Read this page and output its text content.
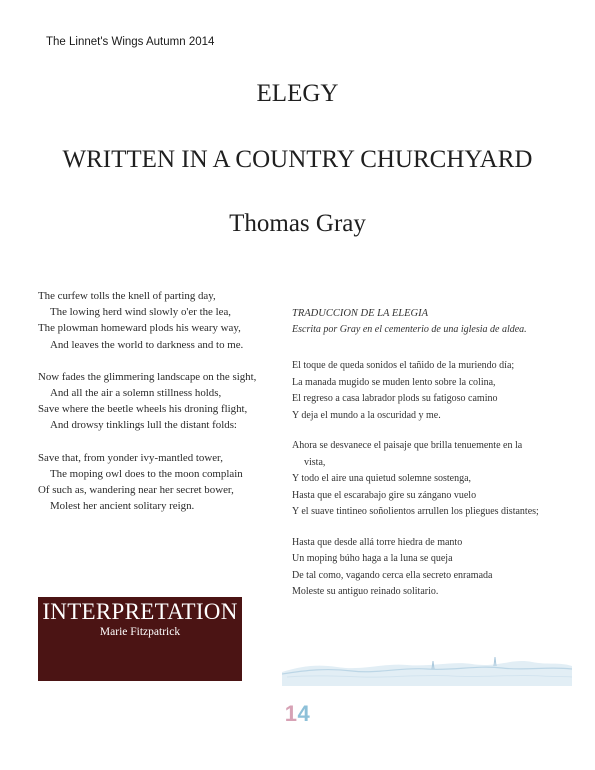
The Linnet's Wings Autumn 2014
ELEGY
WRITTEN IN A COUNTRY CHURCHYARD
Thomas Gray
The curfew tolls the knell of parting day,
The lowing herd wind slowly o'er the lea,
The plowman homeward plods his weary way,
And leaves the world to darkness and to me.
Now fades the glimmering landscape on the sight,
And all the air a solemn stillness holds,
Save where the beetle wheels his droning flight,
And drowsy tinklings lull the distant folds:
Save that, from yonder ivy-mantled tower,
The moping owl does to the moon complain
Of such as, wandering near her secret bower,
Molest her ancient solitary reign.
TRADUCCION DE LA ELEGIA
Escrita por Gray en el cementerio de una iglesia de aldea.
El toque de queda sonidos el tañido de la muriendo día;
La manada mugido se muden lento sobre la colina,
El regreso a casa labrador plods su fatigoso camino
Y deja el mundo a la oscuridad y me.
Ahora se desvanece el paisaje que brilla tenuemente en la
vista,
Y todo el aire una quietud solemne sostenga,
Hasta que el escarabajo gire su zángano vuelo
Y el suave tintineo soñolientos arrullen los pliegues distantes;
Hasta que desde allá torre hiedra de manto
Un moping búho haga a la luna se queja
De tal como, vagando cerca ella secreto enramada
Moleste su antiguo reinado solitario.
INTERPRETATION
Marie Fitzpatrick
14
